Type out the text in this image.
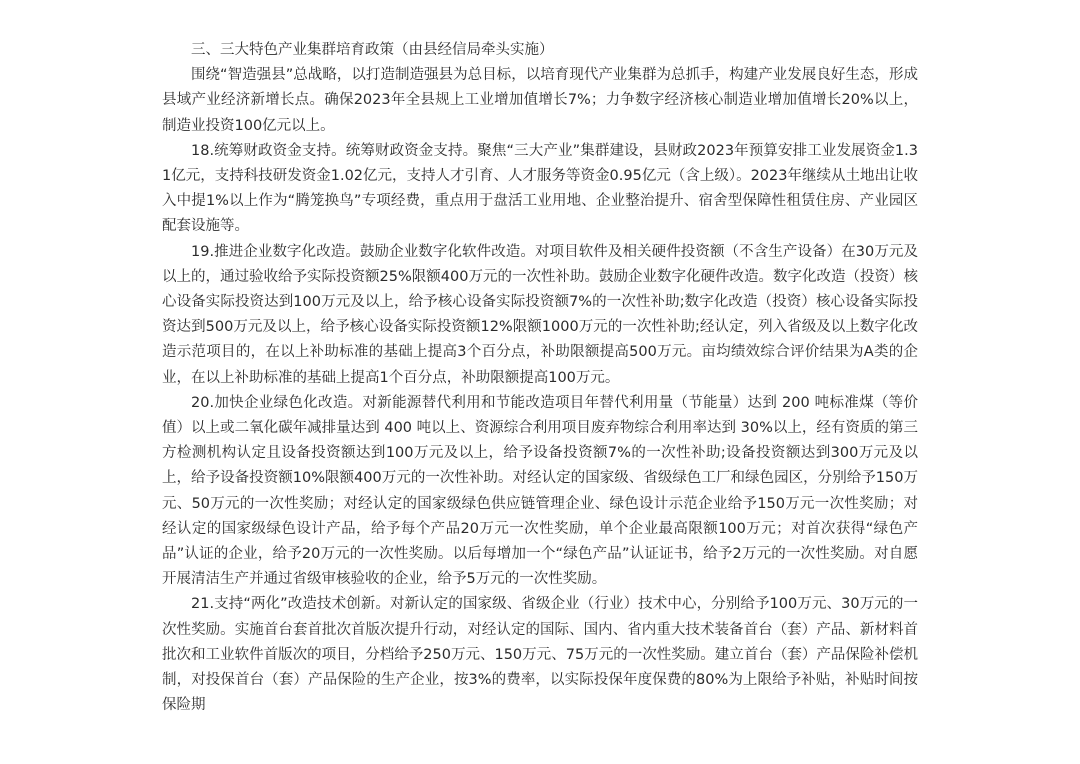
三、三大特色产业集群培育政策（由县经信局牵头实施）

围绕“智造强县”总战略，以打造制造强县为总目标，以培育现代产业集群为总抓手，构建产业发展良好生态，形成县域产业经济新增长点。确保2023年全县规上工业增加值增长7%；力争数字经济核心制造业增加值增长20%以上，制造业投资100亿元以上。

18.统筹财政资金支持。统筹财政资金支持。聚焦“三大产业”集群建设，县财政2023年预算安排工业发展资金1.31亿元，支持科技研发资金1.02亿元，支持人才引育、人才服务等资金0.95亿元（含上级）。2023年继续从土地出让收入中提1%以上作为“腾笼换鸟”专项经费，重点用于盘活工业用地、企业整治提升、宿舍型保障性租赁住房、产业园区配套设施等。

19.推进企业数字化改造。鼓励企业数字化软件改造。对项目软件及相关硬件投资额（不含生产设备）在30万元及以上的，通过验收给予实际投资额25%限额400万元的一次性补助。鼓励企业数字化硬件改造。数字化改造（投资）核心设备实际投资达到100万元及以上，给予核心设备实际投资额7%的一次性补助;数字化改造（投资）核心设备实际投资达到500万元及以上，给予核心设备实际投资额12%限额1000万元的一次性补助;经认定，列入省级及以上数字化改造示范项目的，在以上补助标准的基础上提高3个百分点，补助限额提高500万元。亩均绩效综合评价结果为A类的企业，在以上补助标准的基础上提高1个百分点，补助限额提高100万元。

20.加快企业绿色化改造。对新能源替代利用和节能改造项目年替代利用量（节能量）达到 200 吨标准煤（等价值）以上或二氧化碳年减排量达到 400 吨以上、资源综合利用项目废弃物综合利用率达到 30%以上，经有资质的第三方检测机构认定且设备投资额达到100万元及以上，给予设备投资额7%的一次性补助;设备投资额达到300万元及以上，给予设备投资额10%限额400万元的一次性补助。对经认定的国家级、省级绿色工厂和绿色园区，分别给予150万元、50万元的一次性奖励；对经认定的国家级绿色供应链管理企业、绿色设计示范企业给予150万元一次性奖励；对经认定的国家级绿色设计产品，给予每个产品20万元一次性奖励，单个企业最高限额100万元；对首次获得“绿色产品”认证的企业，给予20万元的一次性奖励。以后每增加一个“绿色产品”认证证书，给予2万元的一次性奖励。对自愿开展清洁生产并通过省级审核验收的企业，给予5万元的一次性奖励。

21.支持“两化”改造技术创新。对新认定的国家级、省级企业（行业）技术中心，分别给予100万元、30万元的一次性奖励。实施首台套首批次首版次提升行动，对经认定的国际、国内、省内重大技术装备首台（套）产品、新材料首批次和工业软件首版次的项目，分档给予250万元、150万元、75万元的一次性奖励。建立首台（套）产品保险补偿机制，对投保首台（套）产品保险的生产企业，按3%的费率，以实际投保年度保费的80%为上限给予补贴，补贴时间按保险期
